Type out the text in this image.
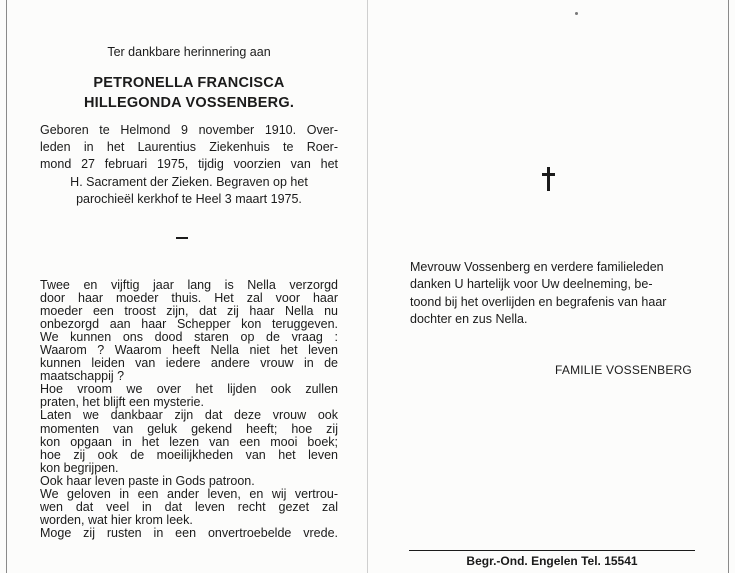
Ter dankbare herinnering aan
PETRONELLA FRANCISCA
HILLEGONDA VOSSENBERG.

Geboren te Helmond 9 november 1910. Over-

leden in het Laurentius Ziekenhuis te Roer-

mond 27 februari 1975, tijdig voorzien van het

H. Sacrament der Zieken. Begraven op het

parochieël kerkhof te Heel 3 maart 1975.

Twee en vijftig jaar lang is Nella verzorgd

door haar moeder thuis. Het zal voor haar

moeder een troost zijn, dat zij haar Nella nu

onbezorgd aan haar Schepper kon teruggeven.

We kunnen ons dood staren op de vraag :

Waarom ? Waarom heeft Nella niet het leven

kunnen leiden van iedere andere vrouw in de

maatschappij ?

Hoe vroom we over het lijden ook zullen

praten, het blijft een mysterie.

Laten we dankbaar zijn dat deze vrouw ook

momenten van geluk gekend heeft; hoe zij

kon opgaan in het lezen van een mooi boek;

hoe zij ook de moeilijkheden van het leven

kon begrijpen.

Ook haar leven paste in Gods patroon.

We geloven in een ander leven, en wij vertrou-

wen dat veel in dat leven recht gezet zal

worden, wat hier krom leek.

Moge zij rusten in een onvertroebelde vrede.

Mevrouw Vossenberg en verdere familieleden

danken U hartelijk voor Uw deelneming, be-

toond bij het overlijden en begrafenis van haar

dochter en zus Nella.

FAMILIE VOSSENBERG
Begr.-Ond. Engelen Tel. 15541
